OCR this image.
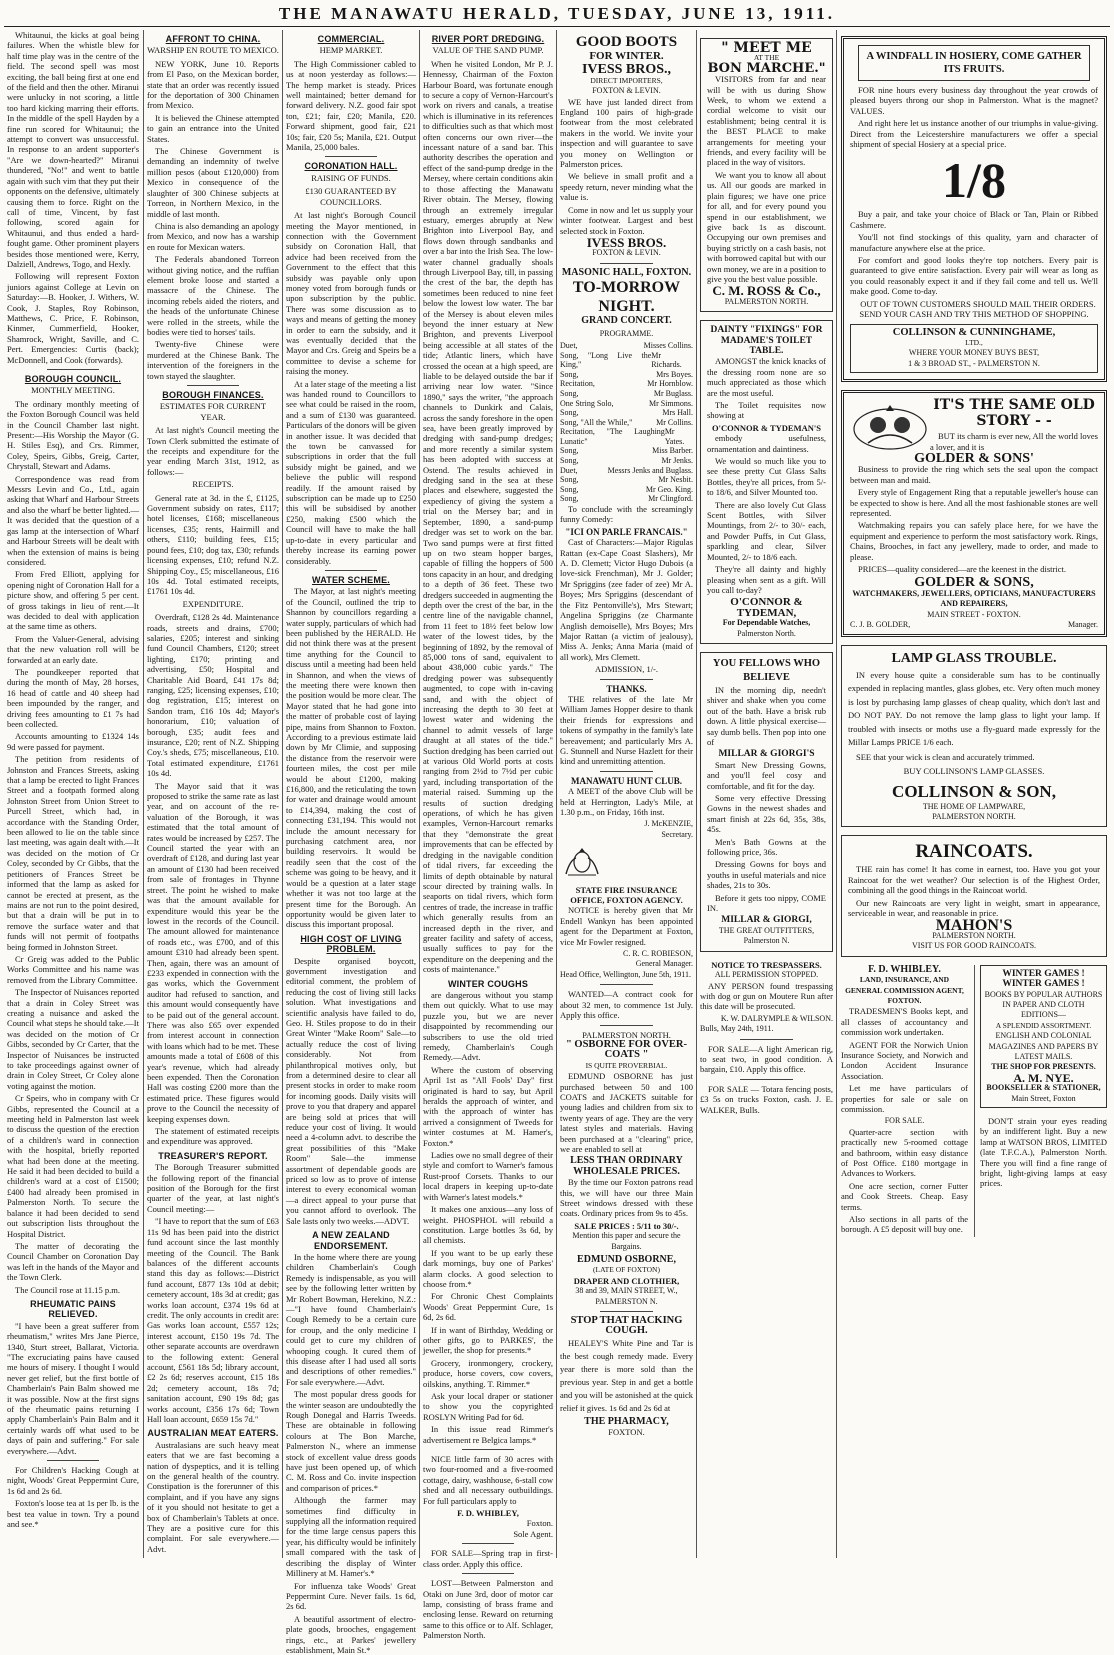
THE MANAWATU HERALD, TUESDAY, JUNE 13, 1911.

Whitaunui, the kicks at goal being failures. When the whistle blew for half time play was in the centre of the field. The second spell was most exciting, the ball being first at one end of the field and then the other. Miranui were unlucky in not scoring, a little too hard kicking marring their efforts. In the middle of the spell Hayden by a fine run scored for Whitaunui; the attempt to convert was unsuccessful. In response to an ardent supporter's "Are we down-hearted?" Miranui thundered, "No!" and went to battle again with such vim that they put their opponents on the defensive, ultimately causing them to force. Right on the call of time, Vincent, by fast following, scored again for Whitaunui, and thus ended a hard-fought game. Other prominent players besides those mentioned were, Kerry, Dalziell, Andrews, Togo, and Hexly.

Following will represent Foxton juniors against College at Levin on Saturday:—B. Hooker, J. Withers, W. Cook, J. Staples, Roy Robinson, Matthews, C. Price, F. Robinson, Kinmer, Cummerfield, Hooker, Shamrock, Wright, Saville, and C. Pert. Emergencies: Curtis (back); McDonnell, and Cook (forwards).

BOROUGH COUNCIL.
MONTHLY MEETING.

The ordinary monthly meeting of the Foxton Borough Council was held in the Council Chamber last night. Present:—His Worship the Mayor (G. H. Stiles Esq), and Crs. Rimmer, Coley, Speirs, Gibbs, Greig, Carter, Chrystall, Stewart and Adams.

Correspondence was read from Messrs Levin and Co., Ltd., again asking that Wharf and Harbour Streets and also the wharf be better lighted.—It was decided that the question of a gas lamp at the intersection of Wharf and Harbour Streets will be dealt with when the extension of mains is being considered.

From Fred Elliott, applying for opening night of Coronation Hall for a picture show, and offering 5 per cent. of gross takings in lieu of rent.—It was decided to deal with application at the same time as others.

From the Valuer-General, advising that the new valuation roll will be forwarded at an early date.

The poundkeeper reported that during the month of May, 28 horses, 16 head of cattle and 40 sheep had been impounded by the ranger, and driving fees amounting to £1 7s had been collected.

Accounts amounting to £1324 14s 9d were passed for payment.

The petition from residents of Johnston and Frances Streets, asking that a lamp be erected to light Frances Street and a footpath formed along Johnston Street from Union Street to Purcell Street, which had, in accordance with the Standing Order, been allowed to lie on the table since last meeting, was again dealt with.—It was decided on the motion of Cr Coley, seconded by Cr Gibbs, that the petitioners of Frances Street be informed that the lamp as asked for cannot be erected at present, as the mains are not run to the point desired, but that a drain will be put in to remove the surface water and that funds will not permit of footpaths being formed in Johnston Street.

Cr Greig was added to the Public Works Committee and his name was removed from the Library Committee.

The Inspector of Nuisances reported that a drain in Coley Street was creating a nuisance and asked the Council what steps he should take.—It was decided on the motion of Cr Gibbs, seconded by Cr Carter, that the Inspector of Nuisances be instructed to take proceedings against owner of drain in Coley Street, Cr Coley alone voting against the motion.

Cr Speirs, who in company with Cr Gibbs, represented the Council at a meeting held in Palmerston last week to discuss the question of the erection of a children's ward in connection with the hospital, briefly reported what had been done at the meeting. He said it had been decided to build a children's ward at a cost of £1500; £400 had already been promised in Palmerston North. To secure the balance it had been decided to send out subscription lists throughout the Hospital District.

The matter of decorating the Council Chamber on Coronation Day was left in the hands of the Mayor and the Town Clerk.

The Council rose at 11.15 p.m.

RHEUMATIC PAINS RELIEVED.

"I have been a great sufferer from rheumatism," writes Mrs Jane Pierce, 1340, Sturt street, Ballarat, Victoria. "The excruciating pains have caused me hours of misery. I thought I would never get relief, but the first bottle of Chamberlain's Pain Balm showed me it was possible. Now at the first signs of the rheumatic pains returning I apply Chamberlain's Pain Balm and it certainly wards off what used to be days of pain and suffering." For sale everywhere.—Advt.

For Children's Hacking Cough at night, Woods' Great Peppermint Cure, 1s 6d and 2s 6d.

Foxton's loose tea at 1s per lb. is the best tea value in town. Try a pound and see.*

AFFRONT TO CHINA.
WARSHIP EN ROUTE TO MEXICO.

NEW YORK, June 10. Reports from El Paso, on the Mexican border, state that an order was recently issued for the deportation of 300 Chinamen from Mexico.

It is believed the Chinese attempted to gain an entrance into the United States.

The Chinese Government is demanding an indemnity of twelve million pesos (about £120,000) from Mexico in consequence of the slaughter of 300 Chinese subjects at Torreon, in Northern Mexico, in the middle of last month.

China is also demanding an apology from Mexico, and now has a warship en route for Mexican waters.

The Federals abandoned Torreon without giving notice, and the ruffian element broke loose and started a massacre of the Chinese. The incoming rebels aided the rioters, and the heads of the unfortunate Chinese were rolled in the streets, while the bodies were tied to horses' tails.

Twenty-five Chinese were murdered at the Chinese Bank. The intervention of the foreigners in the town stayed the slaughter.

BOROUGH FINANCES.
ESTIMATES FOR CURRENT YEAR.

At last night's Council meeting the Town Clerk submitted the estimate of the receipts and expenditure for the year ending March 31st, 1912, as follows:—

RECEIPTS.

General rate at 3d. in the £, £1125, Government subsidy on rates, £117; hotel licenses, £168; miscellaneous licenses, £35; rents, Hairmill and others, £110; building fees, £15; pound fees, £10; dog tax, £30; refunds licensing expenses, £10; refund N.Z. Shipping Coy., £5; miscellaneous, £16 10s 4d. Total estimated receipts, £1761 10s 4d.

EXPENDITURE.

Overdraft, £128 2s 4d. Maintenance roads, streets and drains, £700; salaries, £205; interest and sinking fund Council Chambers, £120; street lighting, £170; printing and advertising, £50; Hospital and Charitable Aid Board, £41 17s 8d; ranging, £25; licensing expenses, £10; dog registration, £15; interest on Sandon tram, £16 10s 4d; Mayor's honorarium, £10; valuation of borough, £35; audit fees and insurance, £20; rent of N.Z. Shipping Coy.'s sheds, £75; miscellaneous, £10. Total estimated expenditure, £1761 10s 4d.

The Mayor said that it was proposed to strike the same rate as last year, and on account of the re-valuation of the Borough, it was estimated that the total amount of rates would be increased by £257. The Council started the year with an overdraft of £128, and during last year an amount of £130 had been received from sale of frontages in Thynne street. The point he wished to make was that the amount available for expenditure would this year be the lowest in the records of the Council. The amount allowed for maintenance of roads etc., was £700, and of this amount £310 had already been spent. Then, again, there was an amount of £233 expended in connection with the gas works, which the Government auditor had refused to sanction, and this amount would consequently have to be paid out of the general account. There was also £65 over expended from interest account in connection with loans which had to be met. These amounts made a total of £608 of this year's revenue, which had already been expended. Then the Coronation Hall was costing £200 more than the estimated price. These figures would prove to the Council the necessity of keeping expenses down.

The statement of estimated receipts and expenditure was approved.

TREASURER'S REPORT.

The Borough Treasurer submitted the following report of the financial position of the Borough for the first quarter of the year, at last night's Council meeting:—

"I have to report that the sum of £63 11s 9d has been paid into the district fund account since the last monthly meeting of the Council. The Bank balances of the different accounts stand this day as follows:—District fund account, £877 13s 10d at debit; cemetery account, 18s 3d at credit; gas works loan account, £374 19s 6d at credit. The only accounts in credit are: Gas works loan account, £557 12s; interest account, £150 19s 7d. The other separate accounts are overdrawn to the following extent: General account, £561 18s 5d; library account, £2 2s 6d; reserves account, £15 18s 2d; cemetery account, 18s 7d; sanitation account, £90 19s 8d; gas works account, £356 17s 6d; Town Hall loan account, £659 15s 7d."

AUSTRALIAN MEAT EATERS.

Australasians are such heavy meat eaters that we are fast becoming a nation of dyspeptics, and it is telling on the general health of the country. Constipation is the forerunner of this complaint, and if you have any signs of it you should not hesitate to get a box of Chamberlain's Tablets at once. They are a positive cure for this complaint. For sale everywhere.—Advt.

COMMERCIAL.
HEMP MARKET.

The High Commissioner cabled to us at noon yesterday as follows:—The hemp market is steady. Prices well maintained; better demand for forward delivery. N.Z. good fair spot ton, £21; fair, £20; Manila, £20. Forward shipment, good fair, £21 10s; fair, £20 5s; Manila, £21. Output Manila, 25,000 bales.

CORONATION HALL.
RAISING OF FUNDS.
£130 GUARANTEED BY COUNCILLORS.

At last night's Borough Council meeting the Mayor mentioned, in connection with the Government subsidy on Coronation Hall, that advice had been received from the Government to the effect that this subsidy was payable only upon money voted from borough funds or upon subscription by the public. There was some discussion as to ways and means of getting the money in order to earn the subsidy, and it was eventually decided that the Mayor and Crs. Greig and Speirs be a committee to devise a scheme for raising the money.

At a later stage of the meeting a list was handed round to Councillors to see what could be raised in the room, and a sum of £130 was guaranteed. Particulars of the donors will be given in another issue. It was decided that the town be canvassed for subscriptions in order that the full subsidy might be gained, and we believe the public will respond readily. If the amount raised by subscription can be made up to £250 this will be subsidised by another £250, making £500 which the Council will have to make the hall up-to-date in every particular and thereby increase its earning power considerably.

WATER SCHEME.

The Mayor, at last night's meeting of the Council, outlined the trip to Shannon by councillors regarding a water supply, particulars of which had been published by the HERALD. He did not think there was at the present time anything for the Council to discuss until a meeting had been held in Shannon, and when the views of the meeting there were known then the position would be more clear. The Mayor stated that he had gone into the matter of probable cost of laying pipe, mains from Shannon to Foxton. According to a previous estimate laid down by Mr Climie, and supposing the distance from the reservoir were fourteen miles, the cost per mile would be about £1200, making £16,800, and the reticulating the town for water and drainage would amount to £14,394, making the cost of connecting £31,194. This would not include the amount necessary for purchasing catchment area, nor building reservoirs. It would be readily seen that the cost of the scheme was going to be heavy, and it would be a question at a later stage whether it was not too large at the present time for the Borough. An opportunity would be given later to discuss this important proposal.

HIGH COST OF LIVING PROBLEM.

Despite organised boycott, government investigation and editorial comment, the problem of reducing the cost of living still lacks solution. What investigations and scientific analysis have failed to do, Geo. H. Stiles propose to do in their Great Winter "Make Room" Sale—to actually reduce the cost of living considerably. Not from philanthropical motives only, but from a determined desire to clear all present stocks in order to make room for incoming goods. Daily visits will prove to you that drapery and apparel are being sold at prices that will reduce your cost of living. It would need a 4-column advt. to describe the great possibilities of this "Make Room" Sale—the immense assortment of dependable goods are priced so low as to prove of intense interest to every economical woman—a direct appeal to your purse that you cannot afford to overlook. The Sale lasts only two weeks.—ADVT.

A NEW ZEALAND ENDORSEMENT.

In the home where there are young children Chamberlain's Cough Remedy is indispensable, as you will see by the following letter written by Mr Robert Bowman, Herekino, N.Z.:—"I have found Chamberlain's Cough Remedy to be a certain cure for croup, and the only medicine I could get to cure my children of whooping cough. It cured them of this disease after I had used all sorts and descriptions of other remedies." For sale everywhere.—Advt.

The most popular dress goods for the winter season are undoubtedly the Rough Donegal and Harris Tweeds. These are obtainable in following colours at The Bon Marche, Palmerston N., where an immense stock of excellent value dress goods have just been opened up, of which C. M. Ross and Co. invite inspection and comparison of prices.*

Although the farmer may sometimes find difficulty in supplying all the information required for the time large census papers this year, his difficulty would be infinitely small compared with the task of describing the display of Winter Millinery at M. Hamer's.*

For influenza take Woods' Great Peppermint Cure. Never fails. 1s 6d, 2s 6d.

A beautiful assortment of electro-plate goods, brooches, engagement rings, etc., at Parkes' jewellery establishment, Main St.*

RIVER PORT DREDGING.
VALUE OF THE SAND PUMP.

When he visited London, Mr P. J. Hennessy, Chairman of the Foxton Harbour Board, was fortunate enough to secure a copy of Vernon-Harcourt's work on rivers and canals, a treatise which is illuminative in its references to difficulties such as that which most often concerns our own river—the incessant nature of a sand bar. This authority describes the operation and effect of the sand-pump dredge in the Mersey, where certain conditions akin to those affecting the Manawatu River obtain. The Mersey, flowing through an extremely irregular estuary, emerges abruptly at New Brighton into Liverpool Bay, and flows down through sandbanks and over a bar into the Irish Sea. The low-water channel gradually shoals through Liverpool Bay, till, in passing the crest of the bar, the depth has sometimes been reduced to nine feet below the lowest low water. The bar of the Mersey is about eleven miles beyond the inner estuary at New Brighton, and prevents Liverpool being accessible at all states of the tide; Atlantic liners, which have crossed the ocean at a high speed, are liable to be delayed outside the bar if arriving near low water. "Since 1890," says the writer, "the approach channels to Dunkirk and Calais, across the sandy foreshore in the open sea, have been greatly improved by dredging with sand-pump dredges; and more recently a similar system has been adopted with success at Ostend. The results achieved in dredging sand in the sea at these places and elsewhere, suggested the expediency of giving the system a trial on the Mersey bar; and in September, 1890, a sand-pump dredger was set to work on the bar. Two sand pumps were at first fitted up on two steam hopper barges, capable of filling the hoppers of 500 tons capacity in an hour, and dredging to a depth of 36 feet. These two dredgers succeeded in augmenting the depth over the crest of the bar, in the centre line of the navigable channel, from 11 feet to 18½ feet below low water of the lowest tides, by the beginning of 1892, by the removal of 85,000 tons of sand, equivalent to about 438,000 cubic yards." The dredging power was subsequently augmented, to cope with in-caving sand, and with the object of increasing the depth to 30 feet at lowest water and widening the channel to admit vessels of large draught at all states of the tide." Suction dredging has been carried out at various Old World ports at costs ranging from 2½d to 7½d per cubic yard, including transportation of the material raised. Summing up the results of suction dredging operations, of which he has given examples, Vernon-Harcourt remarks that they "demonstrate the great improvements that can be effected by dredging in the navigable condition of tidal rivers, far exceeding the limits of depth obtainable by natural scour directed by training walls. In seaports on tidal rivers, which form centres of trade, the increase in traffic which generally results from an increased depth in the river, and greater facility and safety of access, usually suffices to pay for the expenditure on the deepening and the costs of maintenance."

WINTER COUGHS

are dangerous without you stamp them out quickly. What to use may puzzle you, but we are never disappointed by recommending our subscribers to use the old tried remedy, Chamberlain's Cough Remedy.—Advt.

Where the custom of observing April 1st as "All Fools' Day" first originated is hard to say, but April heralds the approach of winter, and with the approach of winter has arrived a consignment of Tweeds for winter costumes at M. Hamer's, Foxton.*

Ladies owe no small degree of their style and comfort to Warner's famous Rust-proof Corsets. Thanks to our local drapers in keeping up-to-date with Warner's latest models.*

It makes one anxious—any loss of weight. PHOSPHOL will rebuild a constitution. Large bottles 3s 6d, by all chemists.

If you want to be up early these dark mornings, buy one of Parkes' alarm clocks. A good selection to choose from.*

For Chronic Chest Complaints Woods' Great Peppermint Cure, 1s 6d, 2s 6d.

If in want of Birthday, Wedding or other gifts, go to PARKES', the jeweller, the shop for presents.*

Grocery, ironmongery, crockery, produce, horse covers, cow covers, oilskins, anything. T. Rimmer.*

Ask your local draper or stationer to show you the copyrighted ROSLYN Writing Pad for 6d.

In this issue read Rimmer's advertisement re Belgica lamps.*

NICE little farm of 30 acres with two four-roomed and a five-roomed cottage, dairy, washhouse, 6-stall cow shed and all necessary outbuildings. For full particulars apply to

F. D. WHIBLEY,
Foxton.
Sole Agent.

FOR SALE—Spring trap in first-class order. Apply this office.

LOST—Between Palmerston and Otaki on June 3rd, door of motor car lamp, consisting of brass frame and enclosing lense. Reward on returning same to this office or to Alf. Schlager, Palmerston North.

GOOD BOOTS
FOR WINTER.
IVESS BROS.,
DIRECT IMPORTERS,
FOXTON & LEVIN.

WE have just landed direct from England 100 pairs of high-grade footwear from the most celebrated makers in the world. We invite your inspection and will guarantee to save you money on Wellington or Palmerston prices.

We believe in small profit and a speedy return, never minding what the value is.

Come in now and let us supply your winter footwear. Largest and best selected stock in Foxton.

IVESS BROS.
FOXTON & LEVIN.
MASONIC HALL, FOXTON.
TO-MORROW NIGHT.
GRAND CONCERT.
PROGRAMME.
Duet,	Misses Collins.
Song, "Long Live the King,"
Mr Richards.
Song,	Mrs Boyes.
Recitation,	Mr Hornblow.
Song,	Mr Buglass.
One String Solo,	Mr Simmons.
Song,	Mrs Hall.
Song, "All the While,"	Mr Collins.
Recitation, "The Laughing Lunatic"
Mr Yates.
Song,	Miss Barber.
Song,	Mr Jenks.
Duet,	Messrs Jenks and Buglass.
Song,	Mr Nesbit.
Song,	Mr Geo. King.
Song,	Mr Clingford.

To conclude with the screamingly funny Comedy:

"ICI ON PARLE FRANCAIS."

Cast of Characters:—Major Rigulas Rattan (ex-Cape Coast Slashers), Mr A. D. Clemett; Victor Hugo Dubois (a love-sick Frenchman), Mr J. Golder; Mr Spriggins (zee fader of zee) Mr A. Boyes; Mrs Spriggins (descendant of the Fitz Pentonville's), Mrs Stewart; Angelina Spriggins (ze Charmante Anglish demoiselle), Mrs Boyes; Mrs Major Rattan (a victim of jealousy), Miss A. Jenks; Anna Maria (maid of all work), Mrs Clemett.

ADMISSION, 1/-.
THANKS.

THE relatives of the late Mr William James Hopper desire to thank their friends for expressions and tokens of sympathy in the family's late bereavement; and particularly Mrs A. G. Stunnell and Nurse Hazlett for their kind and unremitting attention.

MANAWATU HUNT CLUB.

A MEET of the above Club will be held at Herrington, Lady's Mile, at 1.30 p.m., on Friday, 16th inst.

J. McKENZIE,
Secretary.
STATE FIRE INSURANCE
OFFICE, FOXTON AGENCY.

NOTICE is hereby given that Mr Endell Wankyn has been appointed agent for the Department at Foxton, vice Mr Fowler resigned.

C. R. C. ROBIESON,
General Manager.
Head Office, Wellington, June 5th, 1911.

WANTED—A contract cook for about 32 men, to commence 1st July. Apply this office.

PALMERSTON NORTH.
" OSBORNE FOR OVER-COATS "
IS QUITE PROVERBIAL.

EDMUND OSBORNE has just purchased between 50 and 100 COATS and JACKETS suitable for young ladies and children from six to twenty years of age. They are the very latest styles and materials. Having been purchased at a "clearing" price, we are enabled to sell at

LESS THAN ORDINARY WHOLESALE PRICES.

By the time our Foxton patrons read this, we will have our three Main Street windows dressed with these coats. Ordinary prices from 9s to 45s.

SALE PRICES : 5/11 to 30/-.
Mention this paper and secure the Bargains.
EDMUND OSBORNE,
(LATE OF FOXTON)
DRAPER AND CLOTHIER,
38 and 39, MAIN STREET, W., PALMERSTON N.
STOP THAT HACKING COUGH.

HEALEY'S White Pine and Tar is the best cough remedy made. Every year there is more sold than the previous year. Step in and get a bottle and you will be astonished at the quick relief it gives. 1s 6d and 2s 6d at

THE PHARMACY,
FOXTON.
" MEET ME
AT THE
BON MARCHE."

VISITORS from far and near will be with us during Show Week, to whom we extend a cordial welcome to visit our establishment; being central it is the BEST PLACE to make arrangements for meeting your friends, and every facility will be placed in the way of visitors.

We want you to know all about us. All our goods are marked in plain figures; we have one price for all, and for every pound you spend in our establishment, we give back 1s as discount. Occupying our own premises and buying strictly on a cash basis, not with borrowed capital but with our own money, we are in a position to give you the best value possible.

C. M. ROSS & Co.,
PALMERSTON NORTH.
DAINTY "FIXINGS" FOR MADAME'S TOILET TABLE.

AMONGST the knick knacks of the dressing room none are so much appreciated as those which are the most useful.

The Toilet requisites now showing at

O'CONNOR & TYDEMAN'S

embody usefulness, ornamentation and daintiness.

We would so much like you to see these pretty Cut Glass Salts Bottles, they're all prices, from 5/- to 18/6, and Silver Mounted too.

There are also lovely Cut Glass Scent Bottles, with Silver Mountings, from 2/- to 30/- each, and Powder Puffs, in Cut Glass, sparkling and clear, Silver Mounted, 2/- to 18/6 each.

They're all dainty and highly pleasing when sent as a gift. Will you call to-day?

O'CONNOR &
TYDEMAN,
For Dependable Watches,
Palmerston North.
YOU FELLOWS WHO BELIEVE

IN the morning dip, needn't shiver and shake when you come out of the bath. Have a brisk rub down. A little physical exercise—say dumb bells. Then pop into one of

MILLAR & GIORGI'S

Smart New Dressing Gowns, and you'll feel cosy and comfortable, and fit for the day.

Some very effective Dressing Gowns in the newest shades and smart finish at 22s 6d, 35s, 38s, 45s.

Men's Bath Gowns at the following price, 36s.

Dressing Gowns for boys and youths in useful materials and nice shades, 21s to 30s.

Before it gets too nippy, COME IN.

MILLAR & GIORGI,
THE GREAT OUTFITTERS,
Palmerston N.
NOTICE TO TRESPASSERS.
ALL PERMISSION STOPPED.

ANY PERSON found trespassing with dog or gun on Moutere Run after this date will be prosecuted.

K. W. DALRYMPLE & WILSON.
Bulls, May 24th, 1911.

FOR SALE—A light American rig, to seat two, in good condition. A bargain, £10. Apply this office.

FOR SALE — Totara fencing posts, £3 5s on trucks Foxton, cash. J. E. WALKER, Bulls.

A WINDFALL IN HOSIERY, COME GATHER ITS FRUITS.

FOR nine hours every business day throughout the year crowds of pleased buyers throng our shop in Palmerston. What is the magnet? VALUES.

And right here let us instance another of our triumphs in value-giving. Direct from the Leicestershire manufacturers we offer a special shipment of special Hosiery at a special price.

1/8

Buy a pair, and take your choice of Black or Tan, Plain or Ribbed Cashmere.

You'll not find stockings of this quality, yarn and character of manufacture anywhere else at the price.

For comfort and good looks they're top notchers. Every pair is guaranteed to give entire satisfaction. Every pair will wear as long as you could reasonably expect it and if they fail come and tell us. We'll make good. Come to-day.

OUT OF TOWN CUSTOMERS SHOULD MAIL THEIR ORDERS. SEND YOUR CASH AND TRY THIS METHOD OF SHOPPING.

COLLINSON & CUNNINGHAME,
LTD.,
WHERE YOUR MONEY BUYS BEST,
1 & 3 BROAD ST., - PALMERSTON N.
IT'S THE SAME OLD STORY - -

BUT its charm is ever new, All the world loves a lover, and it is

GOLDER & SONS'

Business to provide the ring which sets the seal upon the compact between man and maid.

Every style of Engagement Ring that a reputable jeweller's house can be expected to show is here. And all the most fashionable stones are well represented.

Watchmaking repairs you can safely place here, for we have the equipment and experience to perform the most satisfactory work. Rings, Chains, Brooches, in fact any jewellery, made to order, and made to please.

PRICES—quality considered—are the keenest in the district.

GOLDER & SONS,
WATCHMAKERS, JEWELLERS, OPTICIANS, MANUFACTURERS AND REPAIRERS,
MAIN STREET - FOXTON.
C. J. B. GOLDER,	Manager.
LAMP GLASS TROUBLE.

IN every house quite a considerable sum has to be continually expended in replacing mantles, glass globes, etc. Very often much money is lost by purchasing lamp glasses of cheap quality, which don't last and DO NOT PAY. Do not remove the lamp glass to light your lamp. If troubled with insects or moths use a fly-guard made expressly for the Millar Lamps PRICE 1/6 each.

SEE that your wick is clean and accurately trimmed.

BUY COLLINSON'S LAMP GLASSES.
COLLINSON & SON,
THE HOME OF LAMPWARE,
PALMERSTON NORTH.
RAINCOATS.

THE rain has come! It has come in earnest, too. Have you got your Raincoat for the wet weather? Our selection is of the Highest Order, combining all the good things in the Raincoat world.

Our new Raincoats are very light in weight, smart in appearance, serviceable in wear, and reasonable in price.

MAHON'S
PALMERSTON NORTH.
VISIT US FOR GOOD RAINCOATS.
F. D. WHIBLEY.
LAND, INSURANCE, AND GENERAL COMMISSION AGENT, FOXTON.

TRADESMEN'S Books kept, and all classes of accountancy and commission work undertaken.

AGENT FOR the Norwich Union Insurance Society, and Norwich and London Accident Insurance Association.

Let me have particulars of properties for sale or sale on commission.

FOR SALE.

Quarter-acre section with practically new 5-roomed cottage and bathroom, within easy distance of Post Office. £180 mortgage in Advances to Workers.

One acre section, corner Futter and Cook Streets. Cheap. Easy terms.

Also sections in all parts of the borough. A £5 deposit will buy one.

WINTER GAMES ! WINTER GAMES !
BOOKS BY POPULAR AUTHORS IN PAPER AND CLOTH EDITIONS—
A SPLENDID ASSORTMENT.
ENGLISH AND COLONIAL MAGAZINES AND PAPERS BY LATEST MAILS.
THE SHOP FOR PRESENTS.
A. M. NYE.
BOOKSELLER & STATIONER,
Main Street, Foxton

DON'T strain your eyes reading by an indifferent light. Buy a new lamp at WATSON BROS, LIMITED (late T.F.C.A.), Palmerston North. There you will find a fine range of bright, light-giving lamps at easy prices.
